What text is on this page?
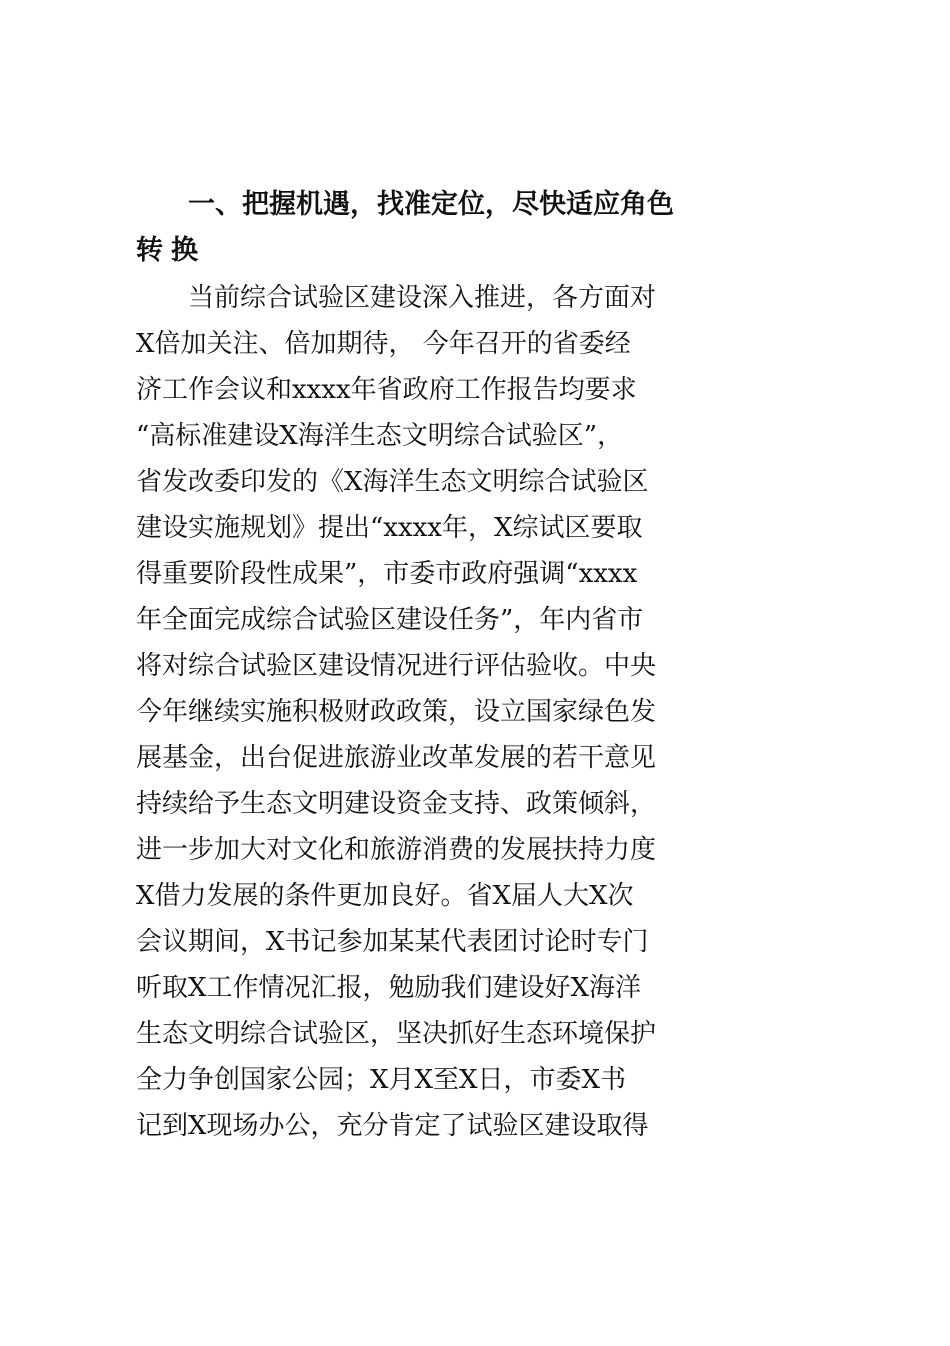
一、把握机遇，找准定位，尽快适应角色
转换
当前综合试验区建设深入推进，各方面对
X倍加关注、倍加期待， 今年召开的省委经
济工作会议和xxxx年省政府工作报告均要求
“高标准建设X海洋生态文明综合试验区”，
省发改委印发的《X海洋生态文明综合试验区
建设实施规划》提出“xxxx年，X综试区要取
得重要阶段性成果”，市委市政府强调“xxxx
年全面完成综合试验区建设任务”，年内省市
将对综合试验区建设情况进行评估验收。中央
今年继续实施积极财政政策，设立国家绿色发
展基金，出台促进旅游业改革发展的若干意见
持续给予生态文明建设资金支持、政策倾斜，
进一步加大对文化和旅游消费的发展扶持力度
X借力发展的条件更加良好。省X届人大X次
会议期间，X书记参加某某代表团讨论时专门
听取X工作情况汇报，勉励我们建设好X海洋
生态文明综合试验区，坚决抓好生态环境保护
全力争创国家公园；X月X至X日，市委X书
记到X现场办公，充分肯定了试验区建设取得
